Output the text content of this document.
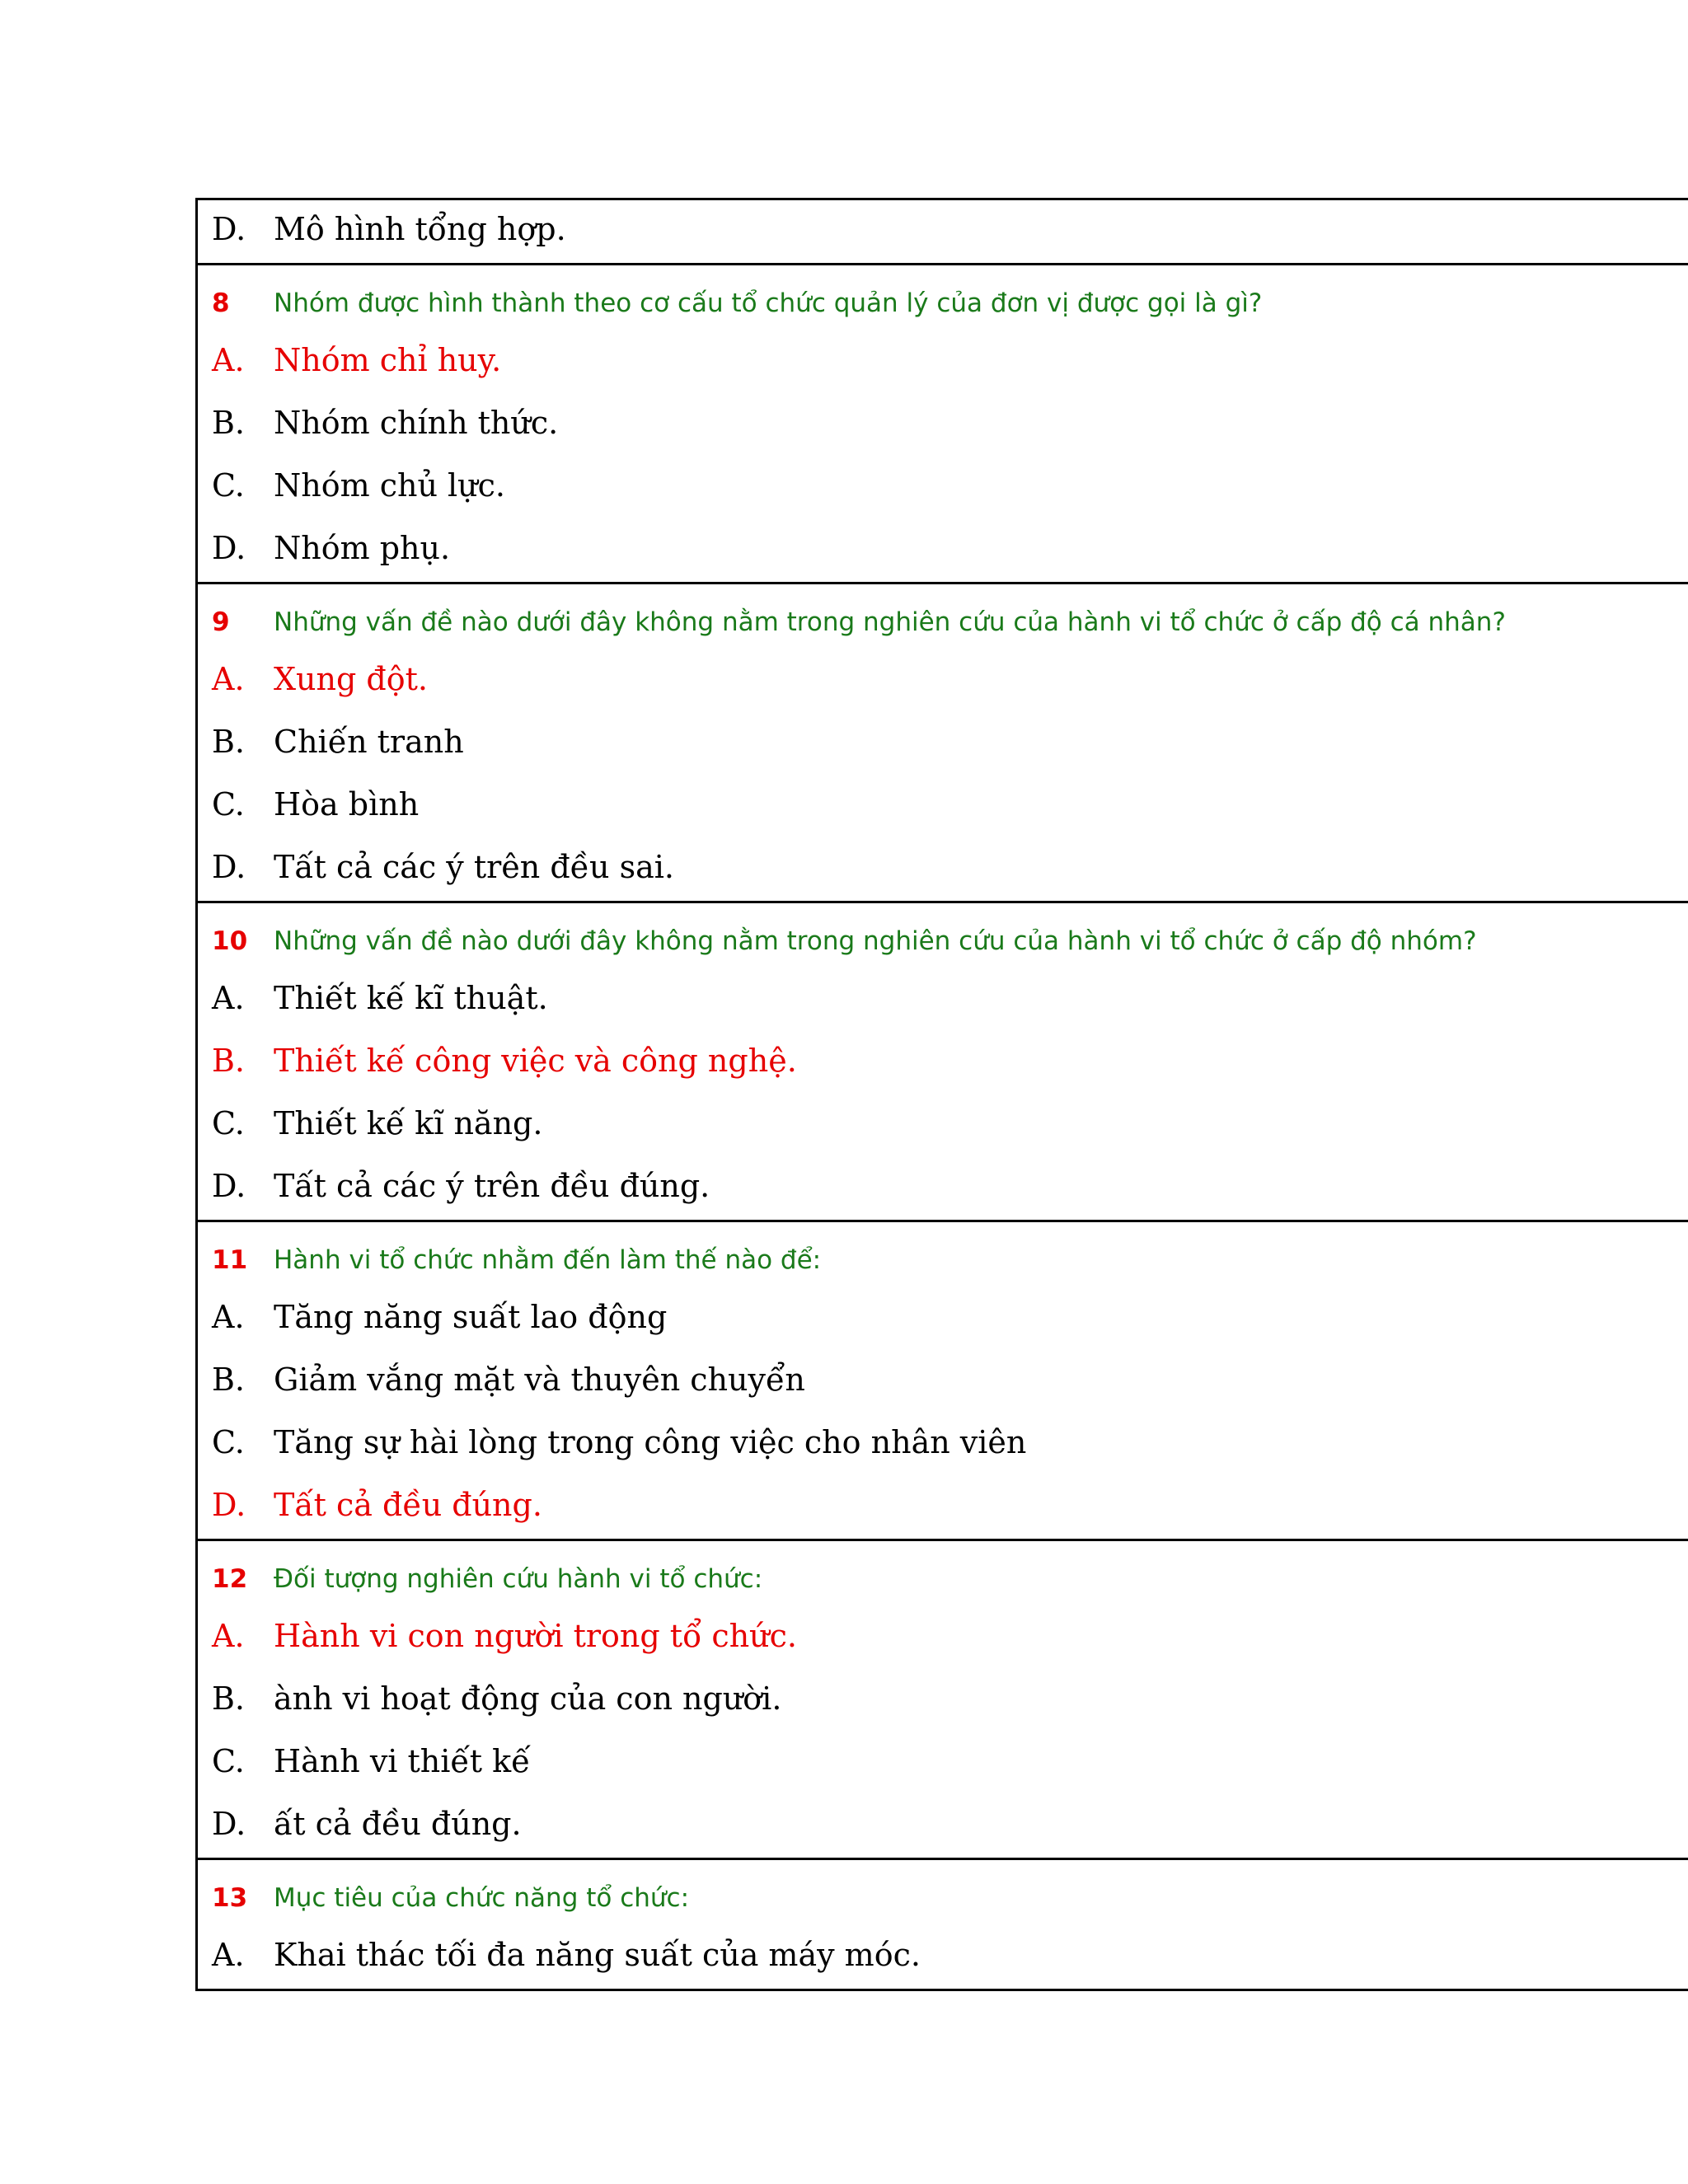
D. Mô hình tổng hợp.
8 Nhóm được hình thành theo cơ cấu tổ chức quản lý của đơn vị được gọi là gì?
A. Nhóm chỉ huy.
B. Nhóm chính thức.
C. Nhóm chủ lực.
D. Nhóm phụ.
9 Những vấn đề nào dưới đây không nằm trong nghiên cứu của hành vi tổ chức ở cấp độ cá nhân?
A. Xung đột.
B. Chiến tranh
C. Hòa bình
D. Tất cả các ý trên đều sai.
10 Những vấn đề nào dưới đây không nằm trong nghiên cứu của hành vi tổ chức ở cấp độ nhóm?
A. Thiết kế kĩ thuật.
B. Thiết kế công việc và công nghệ.
C. Thiết kế kĩ năng.
D. Tất cả các ý trên đều đúng.
11 Hành vi tổ chức nhằm đến làm thế nào để:
A. Tăng năng suất lao động
B. Giảm vắng mặt và thuyên chuyển
C. Tăng sự hài lòng trong công việc cho nhân viên
D. Tất cả đều đúng.
12 Đối tượng nghiên cứu hành vi tổ chức:
A. Hành vi con người trong tổ chức.
B. ành vi hoạt động của con người.
C. Hành vi thiết kế
D. ất cả đều đúng.
13 Mục tiêu của chức năng tổ chức:
A. Khai thác tối đa năng suất của máy móc.
